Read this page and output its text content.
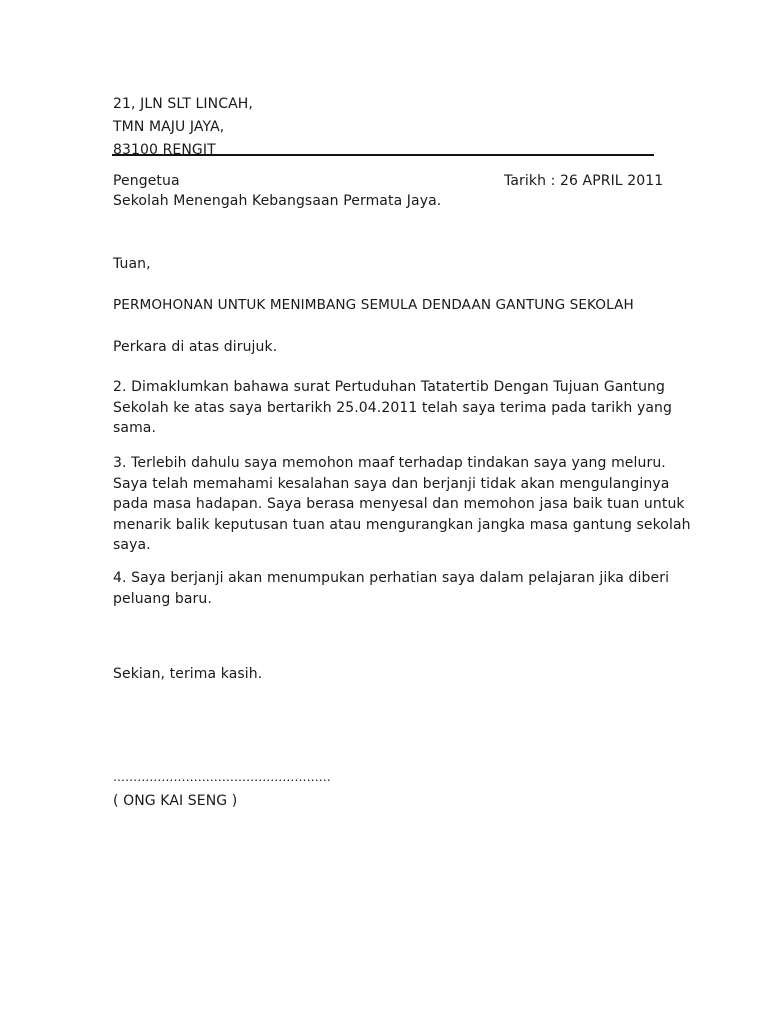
21, JLN SLT LINCAH,
TMN MAJU JAYA,
83100 RENGIT
Pengetua	Tarikh : 26 APRIL 2011
Sekolah Menengah Kebangsaan Permata Jaya.
Tuan,
PERMOHONAN UNTUK MENIMBANG SEMULA DENDAAN GANTUNG SEKOLAH
Perkara di atas dirujuk.
2. Dimaklumkan bahawa surat Pertuduhan Tatatertib Dengan Tujuan Gantung
Sekolah ke atas saya bertarikh 25.04.2011 telah saya terima pada tarikh yang
sama.
3. Terlebih dahulu saya memohon maaf terhadap tindakan saya yang meluru.
Saya telah memahami kesalahan saya dan berjanji tidak akan mengulanginya
pada masa hadapan. Saya berasa menyesal dan memohon jasa baik tuan untuk
menarik balik keputusan tuan atau mengurangkan jangka masa gantung sekolah
saya.
4. Saya berjanji akan menumpukan perhatian saya dalam pelajaran jika diberi
peluang baru.
Sekian, terima kasih.
………………………………………………
( ONG KAI SENG )
